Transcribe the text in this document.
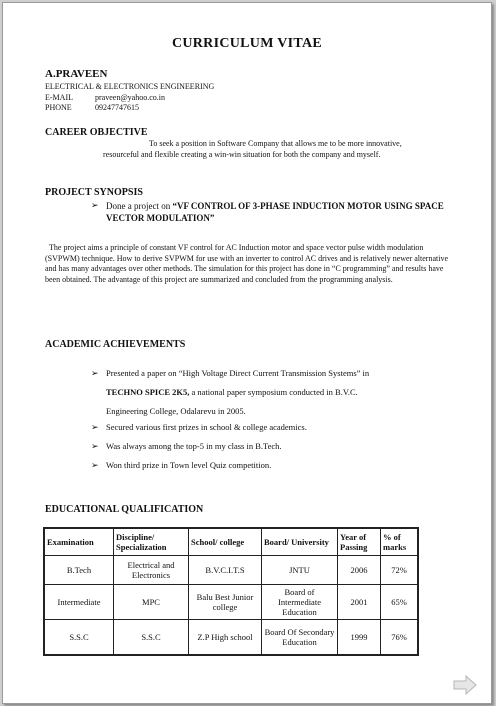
CURRICULUM VITAE
A.PRAVEEN
ELECTRICAL & ELECTRONICS ENGINEERING
E-MAIL	praveen@yahoo.co.in
PHONE	09247747615
CAREER OBJECTIVE
To seek a position in Software Company that allows me to be more innovative, resourceful and flexible creating a win-win situation for both the company and myself.
PROJECT SYNOPSIS
➢ Done a project on “VF CONTROL OF 3-PHASE INDUCTION MOTOR USING SPACE VECTOR MODULATION”
The project aims a principle of constant VF control for AC Induction motor and space vector pulse width modulation (SVPWM) technique. How to derive SVPWM for use with an inverter to control AC drives and is relatively newer alternative and has many advantages over other methods. The simulation for this project has done in “C programming” and results have been obtained. The advantage of this project are summarized and concluded from the programming analysis.
ACADEMIC ACHIEVEMENTS
➢ Presented a paper on “High Voltage Direct Current Transmission Systems” in
TECHNO SPICE 2K5, a national paper symposium conducted in B.V.C.
Engineering College, Odalarevu in 2005.
➢ Secured various first prizes in school & college academics.
➢ Was always among the top-5 in my class in B.Tech.
➢ Won third prize in Town level Quiz competition.
EDUCATIONAL QUALIFICATION
Examination	Discipline/ Specialization	School/ college	Board/ University	Year of Passing	% of marks
B.Tech	Electrical and Electronics	B.V.C.I.T.S	JNTU	2006	72%
Intermediate	MPC	Balu Best Junior college	Board of Intermediate Education	2001	65%
S.S.C	S.S.C	Z.P High school	Board Of Secondary Education	1999	76%
